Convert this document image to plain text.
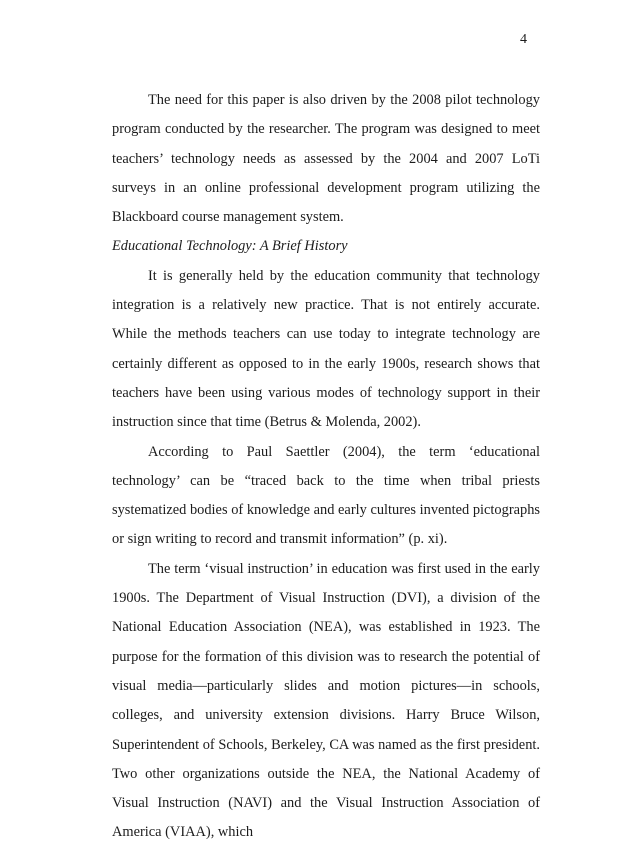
4

The need for this paper is also driven by the 2008 pilot technology program conducted by the researcher. The program was designed to meet teachers’ technology needs as assessed by the 2004 and 2007 LoTi surveys in an online professional development program utilizing the Blackboard course management system.

Educational Technology: A Brief History

It is generally held by the education community that technology integration is a relatively new practice. That is not entirely accurate. While the methods teachers can use today to integrate technology are certainly different as opposed to in the early 1900s, research shows that teachers have been using various modes of technology support in their instruction since that time (Betrus & Molenda, 2002).

According to Paul Saettler (2004), the term ‘educational technology’ can be “traced back to the time when tribal priests systematized bodies of knowledge and early cultures invented pictographs or sign writing to record and transmit information” (p. xi).

The term ‘visual instruction’ in education was first used in the early 1900s. The Department of Visual Instruction (DVI), a division of the National Education Association (NEA), was established in 1923. The purpose for the formation of this division was to research the potential of visual media—particularly slides and motion pictures—in schools, colleges, and university extension divisions. Harry Bruce Wilson, Superintendent of Schools, Berkeley, CA was named as the first president. Two other organizations outside the NEA, the National Academy of Visual Instruction (NAVI) and the Visual Instruction Association of America (VIAA), which
